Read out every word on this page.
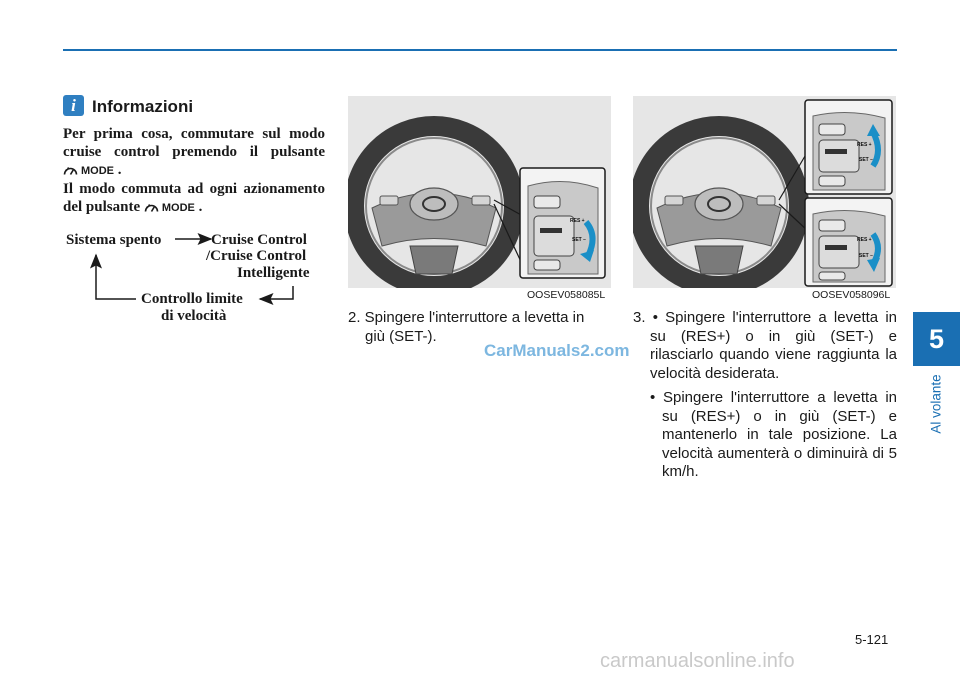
5
Al volante
i Informazioni
Per prima cosa, commutare sul modo cruise control premendo il pulsante
MODE .
Il modo commuta ad ogni azionamento del pulsante MODE .
Sistema spento	Cruise Control
/Cruise Control
Intelligente
Controllo limite
di velocità
RES +
SET −
OOSEV058085L
RES +
SET −
RES +
SET −
OOSEV058096L

2. Spingere l'interruttore a levetta in

giù (SET-).

CarManuals2.com

3. • Spingere l'interruttore a levetta in su (RES+) o in giù (SET-) e rilasciarlo quando viene raggiunta la velocità desiderata.

• Spingere l'interruttore a levetta in su (RES+) o in giù (SET-) e mantenerlo in tale posizione. La velocità aumenterà o diminuirà di 5 km/h.

5-121
carmanualsonline.info
